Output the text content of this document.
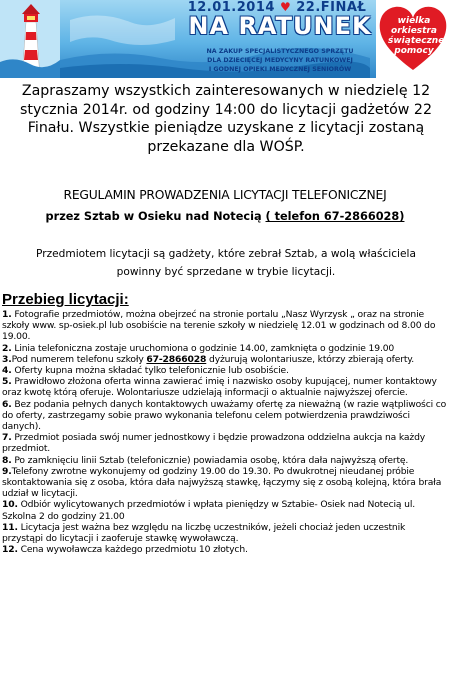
12.01.2014 ♥ 22.FINAŁ
NA RATUNEK
NA ZAKUP SPECJALISTYCZNEGO SPRZĘTU
DLA DZIECIĘCEJ MEDYCYNY RATUNKOWEJ
I GODNEJ OPIEKI MEDYCZNEJ SENIORÓW
wielka orkiestra
świątecznej
pomocy
Zapraszamy wszystkich zainteresowanych w niedzielę 12 stycznia 2014r. od godziny 14:00 do licytacji gadżetów 22 Finału. Wszystkie pieniądze uzyskane z licytacji zostaną przekazane dla WOŚP.
REGULAMIN PROWADZENIA LICYTACJI TELEFONICZNEJ
przez Sztab w Osieku nad Notecią ( telefon 67-2866028)
Przedmiotem licytacji są gadżety, które zebrał Sztab, a wolą właściciela powinny być sprzedane w trybie licytacji.
Przebieg licytacji:

1. Fotografie przedmiotów, można obejrzeć na stronie portalu „Nasz Wyrzysk „ oraz na stronie szkoły www. sp-osiek.pl lub osobiście na terenie szkoły w niedzielę 12.01 w godzinach od 8.00 do 19.00.

2. Linia telefoniczna zostaje uruchomiona o godzinie 14.00, zamknięta o godzinie 19.00

3.Pod numerem telefonu szkoły 67-2866028 dyżurują wolontariusze, którzy zbierają oferty.

4. Oferty kupna można składać tylko telefonicznie lub osobiście.

5. Prawidłowo złożona oferta winna zawierać imię i nazwisko osoby kupującej, numer kontaktowy oraz kwotę którą oferuje. Wolontariusze udzielają informacji o aktualnie najwyższej ofercie.

6. Bez podania pełnych danych kontaktowych uważamy ofertę za nieważną (w razie wątpliwości co do oferty, zastrzegamy sobie prawo wykonania telefonu celem potwierdzenia prawdziwości danych).

7. Przedmiot posiada swój numer jednostkowy i będzie prowadzona oddzielna aukcja na każdy przedmiot.

8. Po zamknięciu linii Sztab (telefonicznie) powiadamia osobę, która dała najwyższą ofertę.

9.Telefony zwrotne wykonujemy od godziny 19.00 do 19.30. Po dwukrotnej nieudanej próbie skontaktowania się z osoba, która dała najwyższą stawkę, łączymy się z osobą kolejną, która brała udział w licytacji.

10. Odbiór wylicytowanych przedmiotów i wpłata pieniędzy w Sztabie- Osiek nad Notecią ul. Szkolna 2 do godziny 21.00

11. Licytacja jest ważna bez względu na liczbę uczestników, jeżeli chociaż jeden uczestnik przystąpi do licytacji i zaoferuje stawkę wywoławczą.

12. Cena wywoławcza każdego przedmiotu 10 złotych.
